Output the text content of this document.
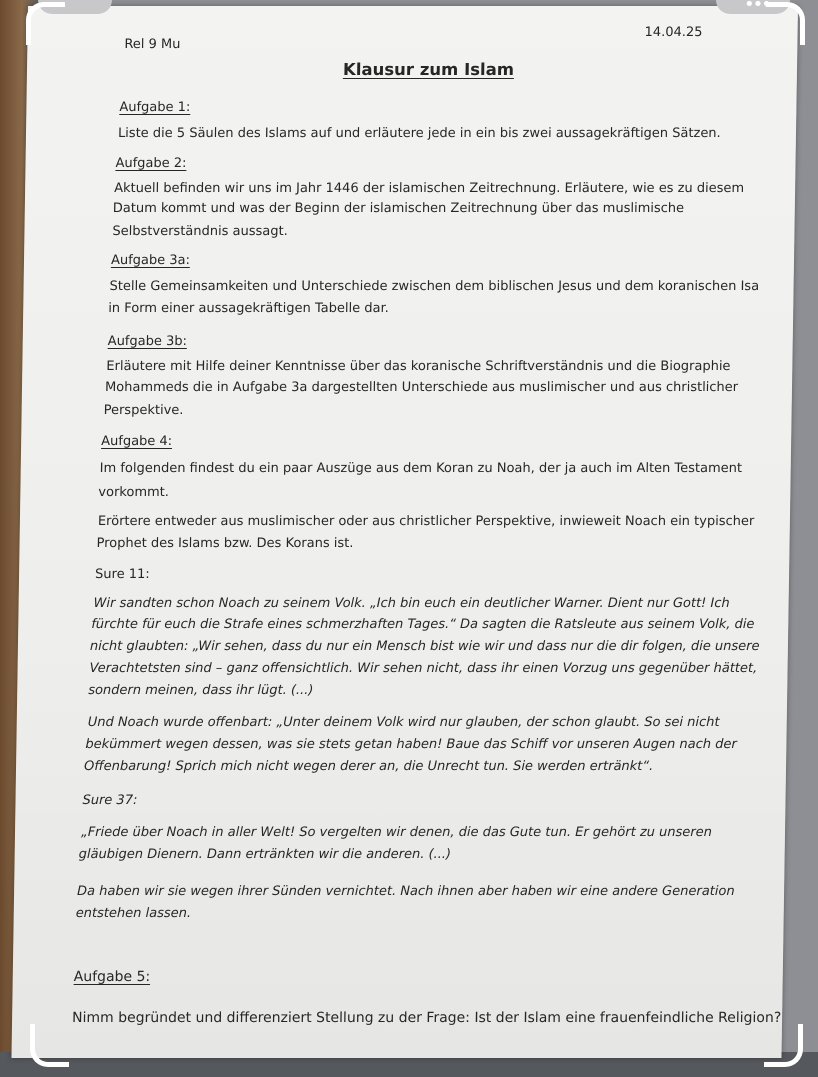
Rel 9 Mu
14.04.25
Klausur zum Islam
Aufgabe 1:
Liste die 5 Säulen des Islams auf und erläutere jede in ein bis zwei aussagekräftigen Sätzen.
Aufgabe 2:
Aktuell befinden wir uns im Jahr 1446 der islamischen Zeitrechnung. Erläutere, wie es zu diesem
Datum kommt und was der Beginn der islamischen Zeitrechnung über das muslimische
Selbstverständnis aussagt.
Aufgabe 3a:
Stelle Gemeinsamkeiten und Unterschiede zwischen dem biblischen Jesus und dem koranischen Isa
in Form einer aussagekräftigen Tabelle dar.
Aufgabe 3b:
Erläutere mit Hilfe deiner Kenntnisse über das koranische Schriftverständnis und die Biographie
Mohammeds die in Aufgabe 3a dargestellten Unterschiede aus muslimischer und aus christlicher
Perspektive.
Aufgabe 4:
Im folgenden findest du ein paar Auszüge aus dem Koran zu Noah, der ja auch im Alten Testament
vorkommt.
Erörtere entweder aus muslimischer oder aus christlicher Perspektive, inwieweit Noach ein typischer
Prophet des Islams bzw. Des Korans ist.
Sure 11:
Wir sandten schon Noach zu seinem Volk. „Ich bin euch ein deutlicher Warner. Dient nur Gott! Ich
fürchte für euch die Strafe eines schmerzhaften Tages.“ Da sagten die Ratsleute aus seinem Volk, die
nicht glaubten: „Wir sehen, dass du nur ein Mensch bist wie wir und dass nur die dir folgen, die unsere
Verachtetsten sind – ganz offensichtlich. Wir sehen nicht, dass ihr einen Vorzug uns gegenüber hättet,
sondern meinen, dass ihr lügt. (...)
Und Noach wurde offenbart: „Unter deinem Volk wird nur glauben, der schon glaubt. So sei nicht
bekümmert wegen dessen, was sie stets getan haben! Baue das Schiff vor unseren Augen nach der
Offenbarung! Sprich mich nicht wegen derer an, die Unrecht tun. Sie werden ertränkt“.
Sure 37:
„Friede über Noach in aller Welt! So vergelten wir denen, die das Gute tun. Er gehört zu unseren
gläubigen Dienern. Dann ertränkten wir die anderen. (...)
Da haben wir sie wegen ihrer Sünden vernichtet. Nach ihnen aber haben wir eine andere Generation
entstehen lassen.
Aufgabe 5:
Nimm begründet und differenziert Stellung zu der Frage: Ist der Islam eine frauenfeindliche Religion?
•••
